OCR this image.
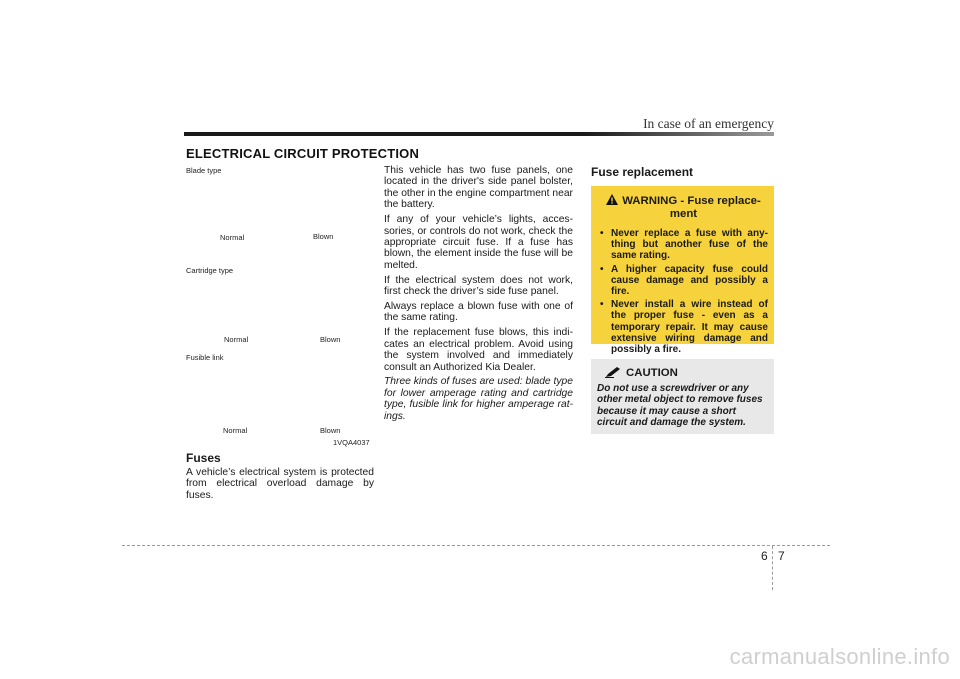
In case of an emergency
ELECTRICAL CIRCUIT PROTECTION
Blade type
Normal	Blown
Cartridge type
Normal	Blown
Fusible link
Normal	Blown
1VQA4037
Fuses

A vehicle’s electrical system is protected from electrical overload damage by fuses.

This vehicle has two fuse panels, one located in the driver's side panel bolster, the other in the engine compartment near the battery.

If any of your vehicle’s lights, acces-sories, or controls do not work, check the appropriate circuit fuse. If a fuse has blown, the element inside the fuse will be melted.

If the electrical system does not work, first check the driver’s side fuse panel.

Always replace a blown fuse with one of the same rating.

If the replacement fuse blows, this indi-cates an electrical problem. Avoid using the system involved and immediately consult an Authorized Kia Dealer.

Three kinds of fuses are used: blade type for lower amperage rating and cartridge type, fusible link for higher amperage rat-ings.

Fuse replacement
WARNING - Fuse replace-ment
• Never replace a fuse with any-thing but another fuse of the same rating.
• A higher capacity fuse could cause damage and possibly a fire.
• Never install a wire instead of the proper fuse - even as a temporary repair. It may cause extensive wiring damage and possibly a fire.
CAUTION
Do not use a screwdriver or any other metal object to remove fuses because it may cause a short circuit and damage the system.
6 7
carmanualsonline.info
